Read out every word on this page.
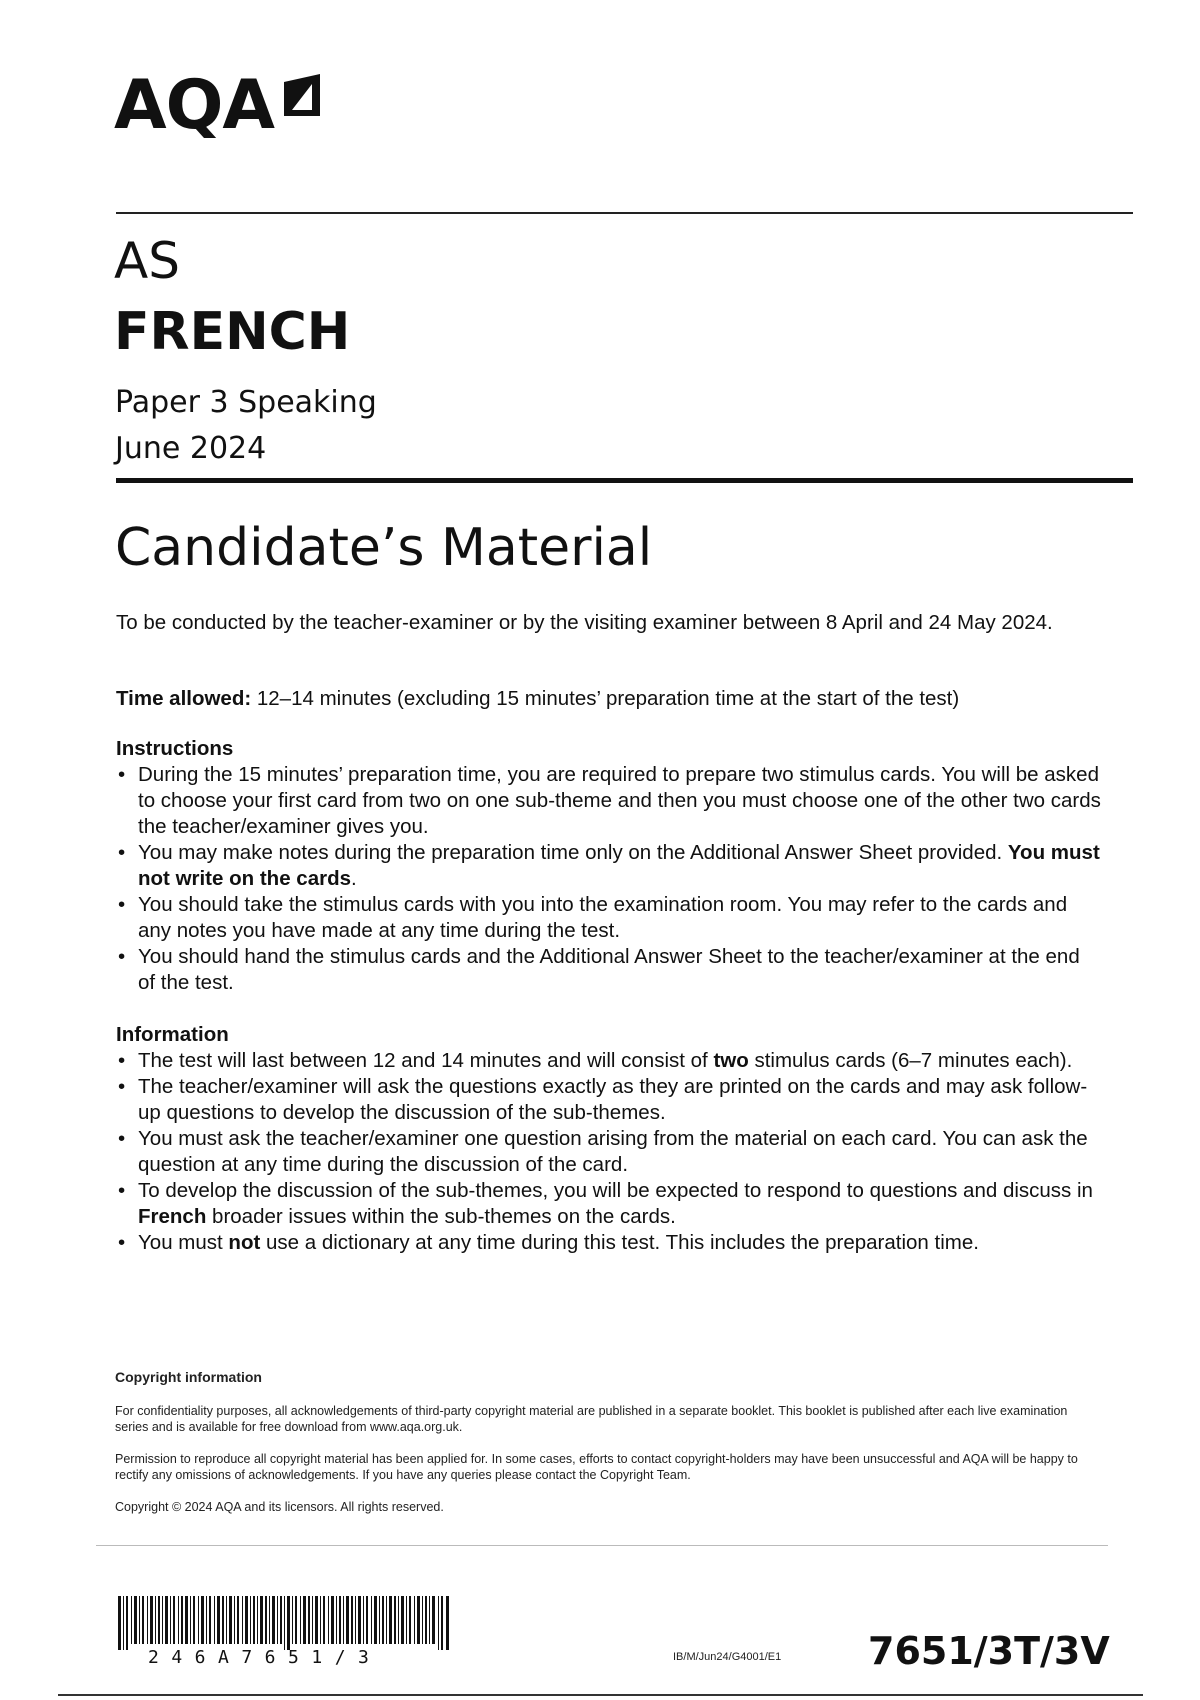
AQA
AS
FRENCH
Paper 3 Speaking
June 2024
Candidate’s Material
To be conducted by the teacher-examiner or by the visiting examiner between 8 April and 24 May 2024.
Time allowed: 12–14 minutes (excluding 15 minutes’ preparation time at the start of the test)

Instructions

• During the 15 minutes’ preparation time, you are required to prepare two stimulus cards. You will be asked to choose your first card from two on one sub-theme and then you must choose one of the other two cards the teacher/examiner gives you.
• You may make notes during the preparation time only on the Additional Answer Sheet provided. You must not write on the cards.
• You should take the stimulus cards with you into the examination room. You may refer to the cards and any notes you have made at any time during the test.
• You should hand the stimulus cards and the Additional Answer Sheet to the teacher/examiner at the end of the test.

Information

• The test will last between 12 and 14 minutes and will consist of two stimulus cards (6–7 minutes each).
• The teacher/examiner will ask the questions exactly as they are printed on the cards and may ask follow-up questions to develop the discussion of the sub-themes.
• You must ask the teacher/examiner one question arising from the material on each card. You can ask the question at any time during the discussion of the card.
• To develop the discussion of the sub-themes, you will be expected to respond to questions and discuss in French broader issues within the sub-themes on the cards.
• You must not use a dictionary at any time during this test. This includes the preparation time.
Copyright information
For confidentiality purposes, all acknowledgements of third-party copyright material are published in a separate booklet. This booklet is published after each live examination series and is available for free download from www.aqa.org.uk.
Permission to reproduce all copyright material has been applied for. In some cases, efforts to contact copyright-holders may have been unsuccessful and AQA will be happy to rectify any omissions of acknowledgements. If you have any queries please contact the Copyright Team.
Copyright © 2024 AQA and its licensors. All rights reserved.
246A7651/3	IB/M/Jun24/G4001/E1 7651/3T/3V
